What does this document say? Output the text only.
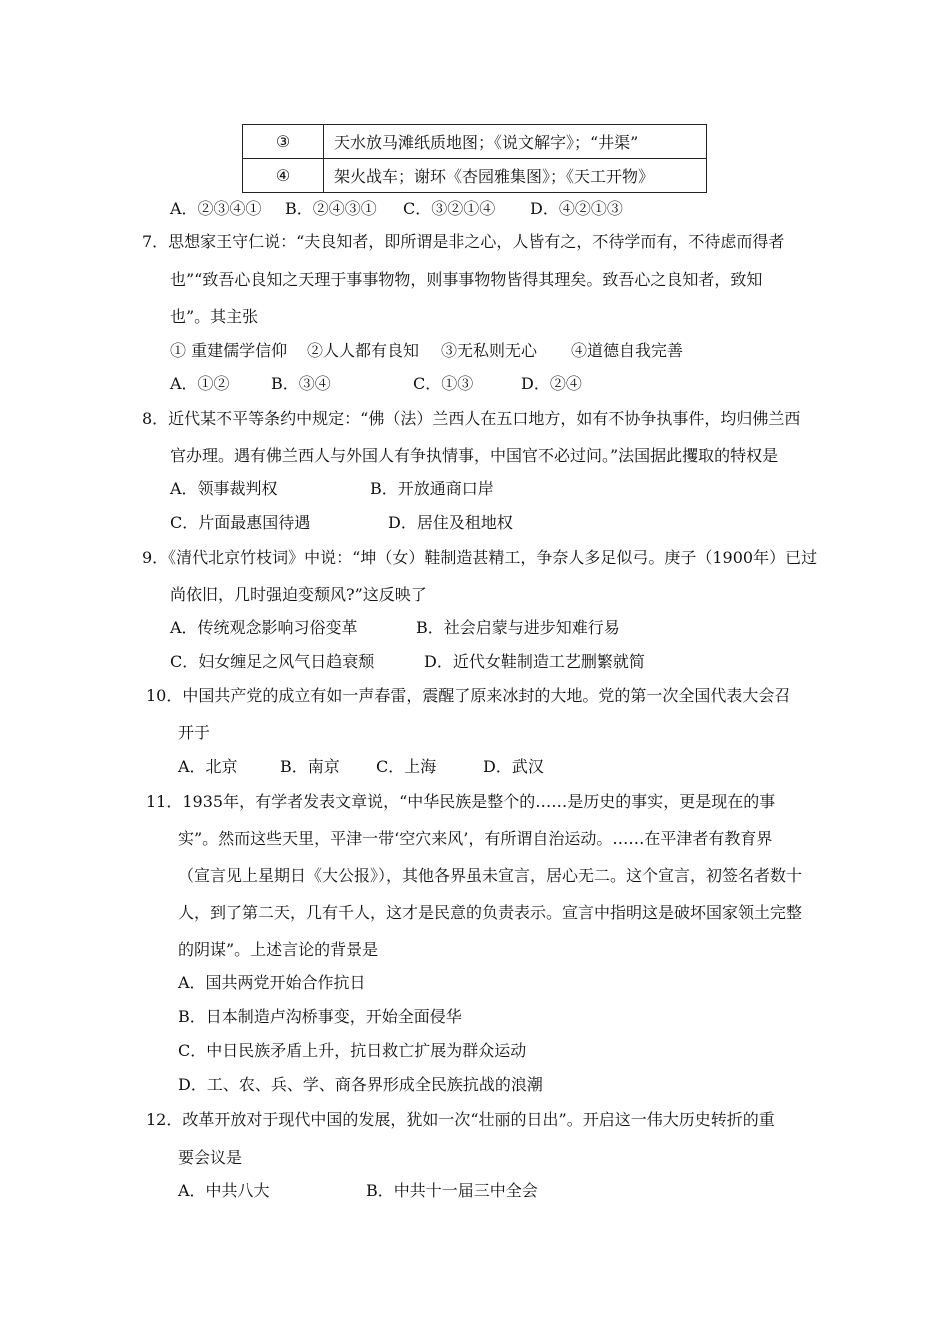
③	天水放马滩纸质地图；《说文解字》；“井渠”
④	架火战车；谢环《杏园雅集图》；《天工开物》
A．②③④① B．②④③① C．③②①④ D．④②①③
7．思想家王守仁说：“夫良知者，即所谓是非之心，人皆有之，不待学而有，不待虑而得者
也”“致吾心良知之天理于事事物物，则事事物物皆得其理矣。致吾心之良知者，致知
也”。其主张
① 重建儒学信仰 ②人人都有良知 ③无私则无心 ④道德自我完善
A．①②	B．③④	C．①③	D．②④
8．近代某不平等条约中规定：“佛（法）兰西人在五口地方，如有不协争执事件，均归佛兰西
官办理。遇有佛兰西人与外国人有争执情事，中国官不必过问。”法国据此攫取的特权是
A．领事裁判权	B．开放通商口岸
C．片面最惠国待遇	D．居住及租地权
9．《清代北京竹枝词》中说：“坤（女）鞋制造甚精工，争奈人多足似弓。庚子（1900年）已过
尚依旧，几时强迫变颓风?”这反映了
A．传统观念影响习俗变革	B．社会启蒙与进步知难行易
C．妇女缠足之风气日趋衰颓	D．近代女鞋制造工艺删繁就简
10．中国共产党的成立有如一声春雷，震醒了原来冰封的大地。党的第一次全国代表大会召
开于
A．北京	B．南京 C．上海	D．武汉
11．1935年，有学者发表文章说，“中华民族是整个的……是历史的事实，更是现在的事
实”。然而这些天里，平津一带‘空穴来风’，有所谓自治运动。……在平津者有教育界
（宣言见上星期日《大公报》），其他各界虽未宣言，居心无二。这个宣言，初签名者数十
人，到了第二天，几有千人，这才是民意的负责表示。宣言中指明这是破坏国家领土完整
的阴谋”。上述言论的背景是
A．国共两党开始合作抗日
B．日本制造卢沟桥事变，开始全面侵华
C．中日民族矛盾上升，抗日救亡扩展为群众运动
D．工、农、兵、学、商各界形成全民族抗战的浪潮
12．改革开放对于现代中国的发展，犹如一次“壮丽的日出”。开启这一伟大历史转折的重
要会议是
A．中共八大	B．中共十一届三中全会
